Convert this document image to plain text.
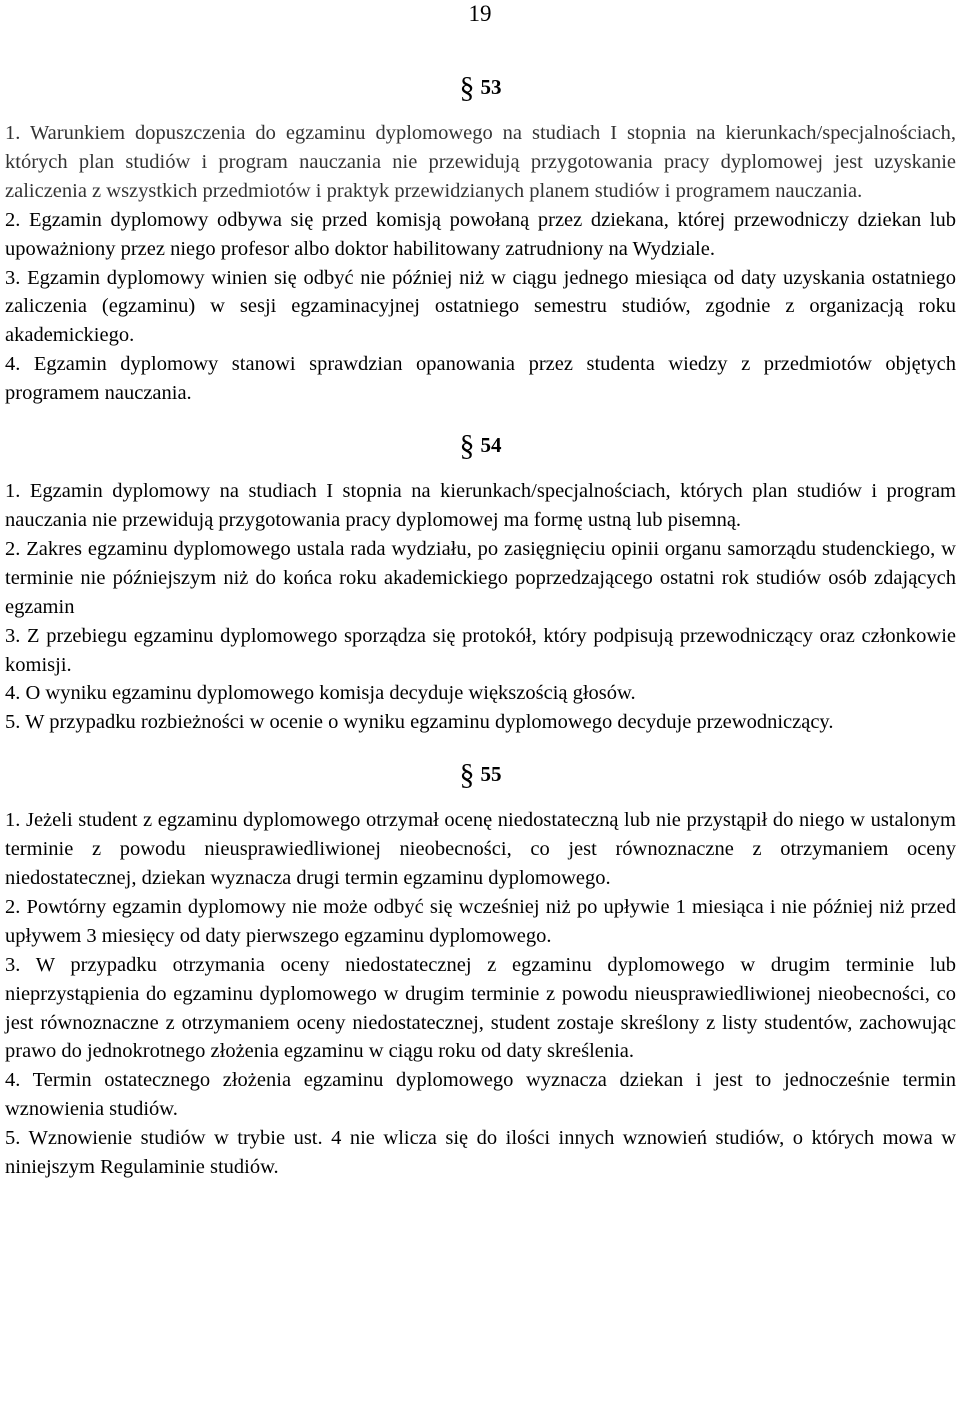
19
§ 53

1. Warunkiem dopuszczenia do egzaminu dyplomowego na studiach I stopnia na kierunkach/specjalnościach, których plan studiów i program nauczania nie przewidują przygotowania pracy dyplomowej jest uzyskanie zaliczenia z wszystkich przedmiotów i praktyk przewidzianych planem studiów i programem nauczania.

2. Egzamin dyplomowy odbywa się przed komisją powołaną przez dziekana, której przewodniczy dziekan lub upoważniony przez niego profesor albo doktor habilitowany zatrudniony na Wydziale.

3. Egzamin dyplomowy winien się odbyć nie później niż w ciągu jednego miesiąca od daty uzyskania ostatniego zaliczenia (egzaminu) w sesji egzaminacyjnej ostatniego semestru studiów, zgodnie z organizacją roku akademickiego.

4. Egzamin dyplomowy stanowi sprawdzian opanowania przez studenta wiedzy z przedmiotów objętych programem nauczania.

§ 54

1. Egzamin dyplomowy na studiach I stopnia na kierunkach/specjalnościach, których plan studiów i program nauczania nie przewidują przygotowania pracy dyplomowej ma formę ustną lub pisemną.

2. Zakres egzaminu dyplomowego ustala rada wydziału, po zasięgnięciu opinii organu samorządu studenckiego, w terminie nie późniejszym niż do końca roku akademickiego poprzedzającego ostatni rok studiów osób zdających egzamin

3. Z przebiegu egzaminu dyplomowego sporządza się protokół, który podpisują przewodniczący oraz członkowie komisji.

4. O wyniku egzaminu dyplomowego komisja decyduje większością głosów.

5. W przypadku rozbieżności w ocenie o wyniku egzaminu dyplomowego decyduje przewodniczący.

§ 55

1. Jeżeli student z egzaminu dyplomowego otrzymał ocenę niedostateczną lub nie przystąpił do niego w ustalonym terminie z powodu nieusprawiedliwionej nieobecności, co jest równoznaczne z otrzymaniem oceny niedostatecznej, dziekan wyznacza drugi termin egzaminu dyplomowego.

2. Powtórny egzamin dyplomowy nie może odbyć się wcześniej niż po upływie 1 miesiąca i nie później niż przed upływem 3 miesięcy od daty pierwszego egzaminu dyplomowego.

3. W przypadku otrzymania oceny niedostatecznej z egzaminu dyplomowego w drugim terminie lub nieprzystąpienia do egzaminu dyplomowego w drugim terminie z powodu nieusprawiedliwionej nieobecności, co jest równoznaczne z otrzymaniem oceny niedostatecznej, student zostaje skreślony z listy studentów, zachowując prawo do jednokrotnego złożenia egzaminu w ciągu roku od daty skreślenia.

4. Termin ostatecznego złożenia egzaminu dyplomowego wyznacza dziekan i jest to jednocześnie termin wznowienia studiów.

5. Wznowienie studiów w trybie ust. 4 nie wlicza się do ilości innych wznowień studiów, o których mowa w niniejszym Regulaminie studiów.
